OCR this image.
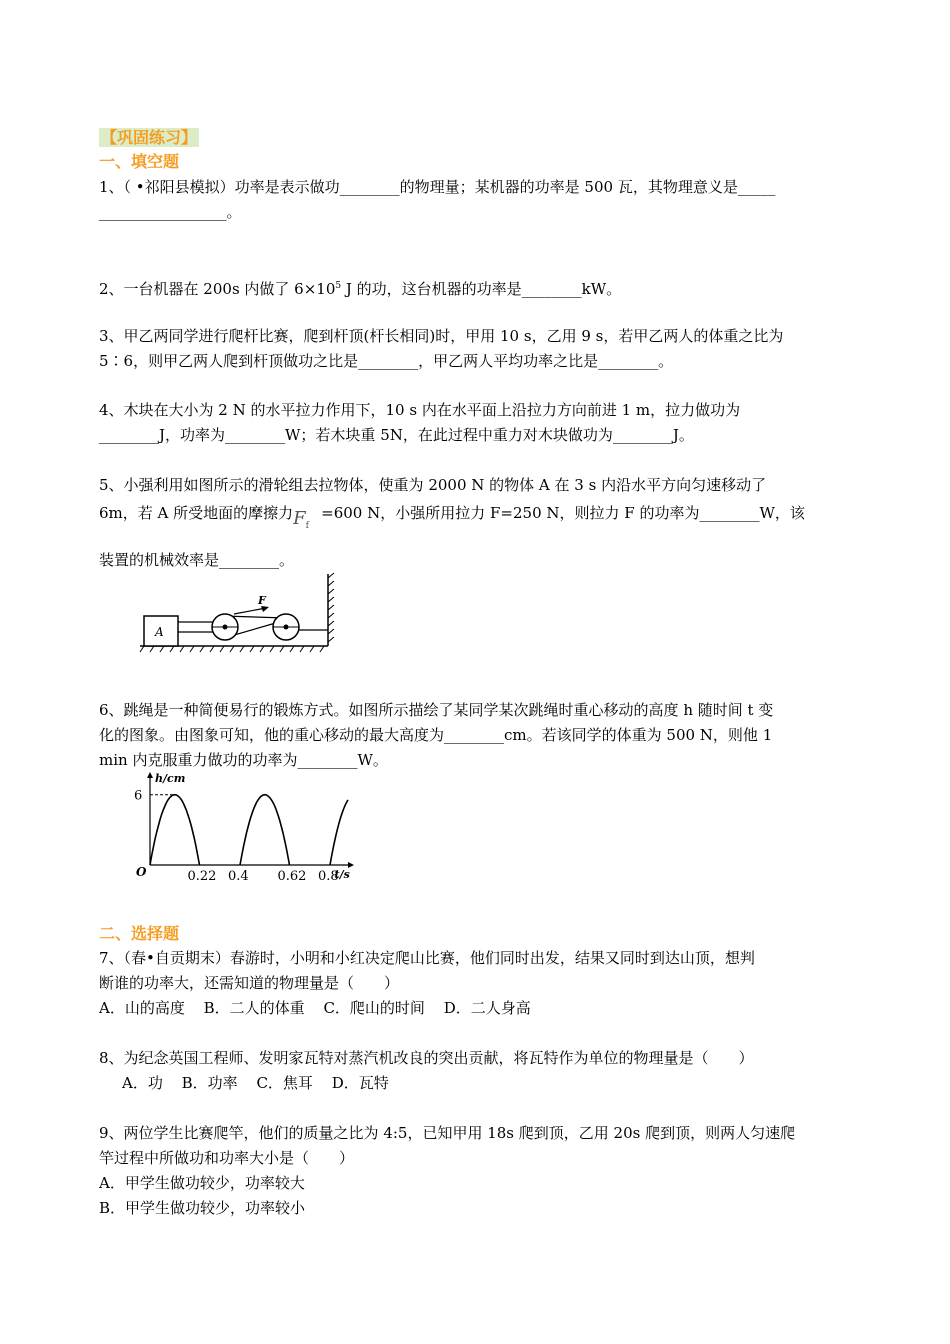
【巩固练习】
一、填空题
1、（ •祁阳县模拟）功率是表示做功________的物理量；某机器的功率是 500 瓦，其物理意义是_____
_________________。
2、一台机器在 200s 内做了 $6\times 10^5$ J 的功，这台机器的功率是________kW。
3、甲乙两同学进行爬杆比赛，爬到杆顶(杆长相同)时，甲用 10 s，乙用 9 s，若甲乙两人的体重之比为
5∶6，则甲乙两人爬到杆顶做功之比是________，甲乙两人平均功率之比是________。
4、木块在大小为 2 N 的水平拉力作用下，10 s 内在水平面上沿拉力方向前进 1 m，拉力做功为
________J，功率为________W；若木块重 5N，在此过程中重力对木块做功为________J。
5、小强利用如图所示的滑轮组去拉物体，使重为 2000 N 的物体 A 在 3 s 内沿水平方向匀速移动了
6m，若 A 所受地面的摩擦力$F_f=600$ N，小强所用拉力 F=250 N，则拉力 F 的功率为________W，该
装置的机械效率是________。
A
F
6、跳绳是一种简便易行的锻炼方式。如图所示描绘了某同学某次跳绳时重心移动的高度 h 随时间 t 变
化的图象。由图象可知，他的重心移动的最大高度为________cm。若该同学的体重为 500 N，则他 1
min 内克服重力做功的功率为________W。
h/cm
t/s
O
6
0.22 0.4 0.62 0.8
二、选择题
7、（春•自贡期末）春游时，小明和小红决定爬山比赛，他们同时出发，结果又同时到达山顶，想判
断谁的功率大，还需知道的物理量是（　　）
A．山的高度 B．二人的体重 C．爬山的时间 D．二人身高
8、为纪念英国工程师、发明家瓦特对蒸汽机改良的突出贡献，将瓦特作为单位的物理量是（　　）
A．功 B．功率 C．焦耳 D．瓦特
9、两位学生比赛爬竿，他们的质量之比为 4:5，已知甲用 18s 爬到顶，乙用 20s 爬到顶，则两人匀速爬
竿过程中所做功和功率大小是（　　）
A．甲学生做功较少，功率较大
B．甲学生做功较少，功率较小
